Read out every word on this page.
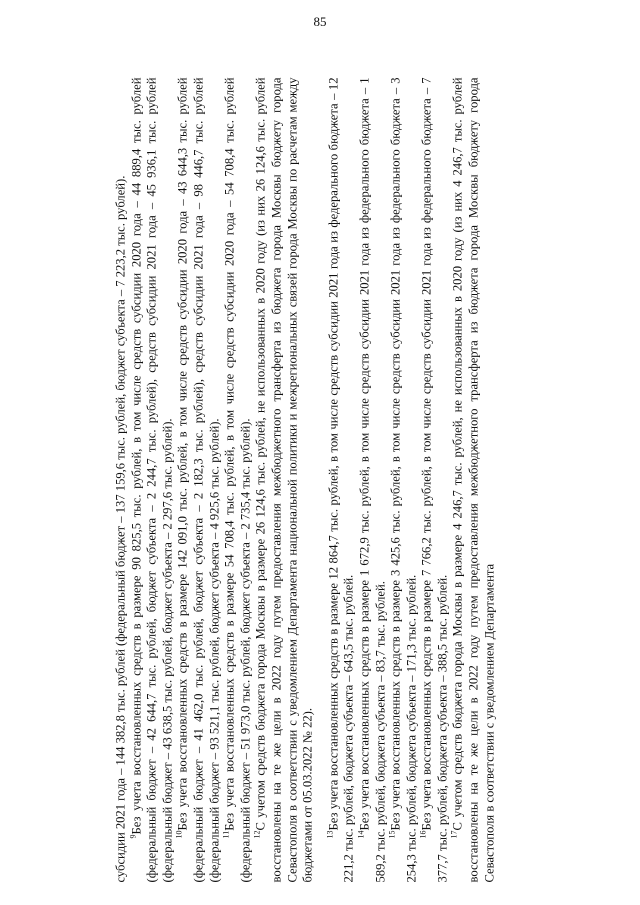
85

субсидии 2021 года – 144 382,8 тыс. рублей (федеральный бюджет – 137 159,6 тыс. рублей, бюджет субъекта – 7 223,2 тыс. рублей). $^9$Без учета восстановленных средств в размере 90 825,5 тыс. рублей, в том числе средств субсидии 2020 года – 44 889,4 тыс. рублей (федеральный бюджет – 42 644,7 тыс. рублей, бюджет субъекта – 2 244,7 тыс. рублей), средств субсидии 2021 года – 45 936,1 тыс. рублей (федеральный бюджет – 43 638,5 тыс. рублей, бюджет субъекта – 2 297,6 тыс. рублей). $^{10}$Без учета восстановленных средств в размере 142 091,0 тыс. рублей, в том числе средств субсидии 2020 года – 43 644,3 тыс. рублей (федеральный бюджет – 41 462,0 тыс. рублей, бюджет субъекта – 2 182,3 тыс. рублей), средств субсидии 2021 года – 98 446,7 тыс. рублей (федеральный бюджет – 93 521,1 тыс. рублей, бюджет субъекта – 4 925,6 тыс. рублей). $^{11}$Без учета восстановленных средств в размере 54 708,4 тыс. рублей, в том числе средств субсидии 2020 года – 54 708,4 тыс. рублей (федеральный бюджет – 51 973,0 тыс. рублей, бюджет субъекта – 2 735,4 тыс. рублей). $^{12}$С учетом средств бюджета города Москвы в размере 26 124,6 тыс. рублей, не использованных в 2020 году (из них 26 124,6 тыс. рублей восстановлены на те же цели в 2022 году путем предоставления межбюджетного трансферта из бюджета города Москвы бюджету города Севастополя в соответствии с уведомлением Департамента национальной политики и межрегиональных связей города Москвы по расчетам между бюджетами от 05.03.2022 № 22). $^{13}$Без учета восстановленных средств в размере 12 864,7 тыс. рублей, в том числе средств субсидии 2021 года из федерального бюджета – 12 221,2 тыс. рублей, бюджета субъекта – 643,5 тыс. рублей. $^{14}$Без учета восстановленных средств в размере 1 672,9 тыс. рублей, в том числе средств субсидии 2021 года из федерального бюджета – 1 589,2 тыс. рублей, бюджета субъекта – 83,7 тыс. рублей. $^{15}$Без учета восстановленных средств в размере 3 425,6 тыс. рублей, в том числе средств субсидии 2021 года из федерального бюджета – 3 254,3 тыс. рублей, бюджета субъекта – 171,3 тыс. рублей. $^{16}$Без учета восстановленных средств в размере 7 766,2 тыс. рублей, в том числе средств субсидии 2021 года из федерального бюджета – 7 377,7 тыс. рублей, бюджета субъекта – 388,5 тыс. рублей. $^{17}$С учетом средств бюджета города Москвы в размере 4 246,7 тыс. рублей, не использованных в 2020 году (из них 4 246,7 тыс. рублей восстановлены на те же цели в 2022 году путем предоставления межбюджетного трансферта из бюджета города Москвы бюджету города Севастополя в соответствии с уведомлением Департамента
